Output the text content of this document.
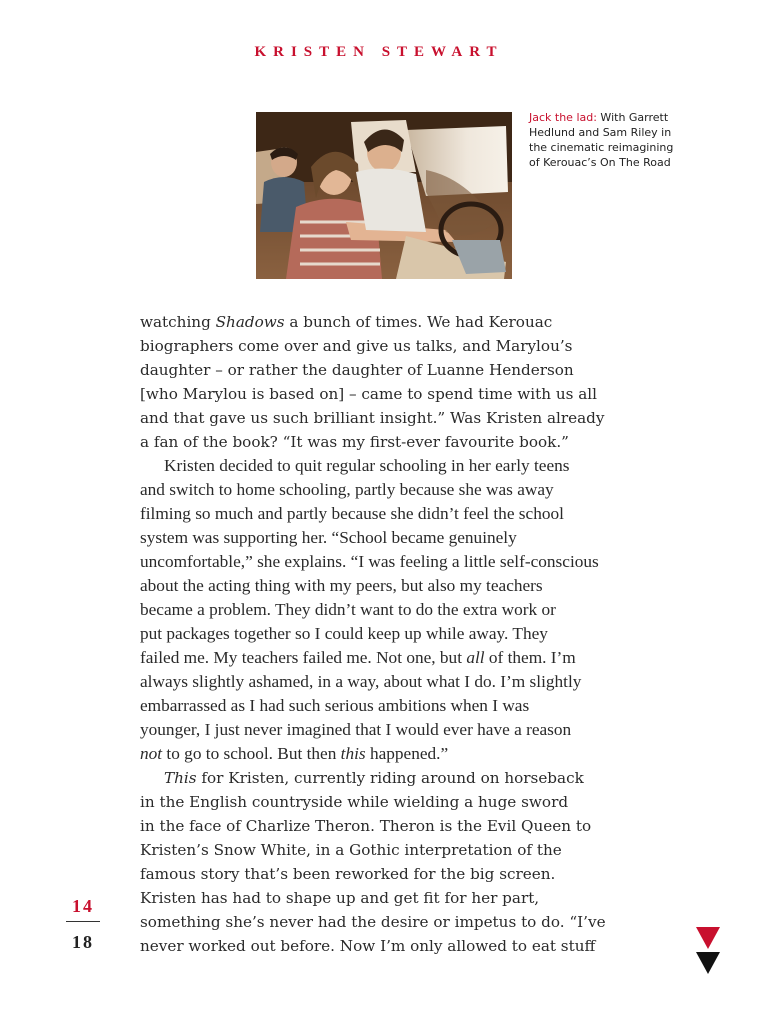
KRISTEN STEWART
Jack the lad: With Garrett
Hedlund and Sam Riley in
the cinematic reimagining
of Kerouac’s On The Road
watching Shadows a bunch of times. We had Kerouac
biographers come over and give us talks, and Marylou’s
daughter – or rather the daughter of Luanne Henderson
[who Marylou is based on] – came to spend time with us all
and that gave us such brilliant insight.” Was Kristen already
a fan of the book? “It was my first-ever favourite book.”
Kristen decided to quit regular schooling in her early teens
and switch to home schooling, partly because she was away
filming so much and partly because she didn’t feel the school
system was supporting her. “School became genuinely
uncomfortable,” she explains. “I was feeling a little self-conscious
about the acting thing with my peers, but also my teachers
became a problem. They didn’t want to do the extra work or
put packages together so I could keep up while away. They
failed me. My teachers failed me. Not one, but all of them. I’m
always slightly ashamed, in a way, about what I do. I’m slightly
embarrassed as I had such serious ambitions when I was
younger, I just never imagined that I would ever have a reason
not to go to school. But then this happened.”
This for Kristen, currently riding around on horseback
in the English countryside while wielding a huge sword
in the face of Charlize Theron. Theron is the Evil Queen to
Kristen’s Snow White, in a Gothic interpretation of the
famous story that’s been reworked for the big screen.
Kristen has had to shape up and get fit for her part,
something she’s never had the desire or impetus to do. “I’ve
never worked out before. Now I’m only allowed to eat stuff
14
18
